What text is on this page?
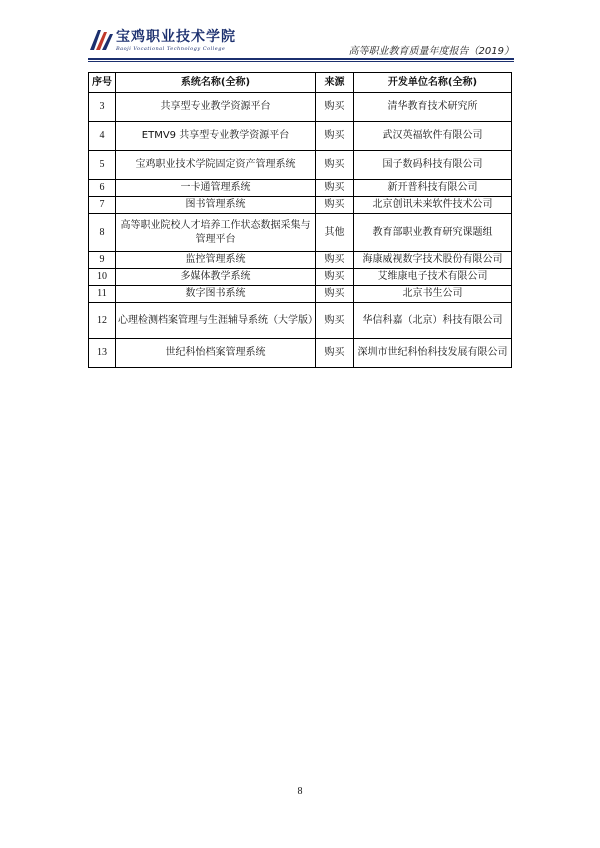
宝鸡职业技术学院
Baoji Vocational Technology College	高等职业教育质量年度报告（2019）
序号	系统名称(全称)	来源	开发单位名称(全称)
3	共享型专业教学资源平台	购买	清华教育技术研究所
4	ETMV9 共享型专业教学资源平台	购买	武汉英福软件有限公司
5	宝鸡职业技术学院固定资产管理系统	购买	国子数码科技有限公司
6	一卡通管理系统	购买	新开普科技有限公司
7	图书管理系统	购买	北京创讯未来软件技术公司
8	高等职业院校人才培养工作状态数据采集与管理平台	其他	教育部职业教育研究课题组
9	监控管理系统	购买	海康威视数字技术股份有限公司
10	多媒体教学系统	购买	艾维康电子技术有限公司
11	数字图书系统	购买	北京书生公司
12	心理检测档案管理与生涯辅导系统（大学版）	购买	华信科嘉（北京）科技有限公司
13	世纪科怡档案管理系统	购买	深圳市世纪科怡科技发展有限公司
8
